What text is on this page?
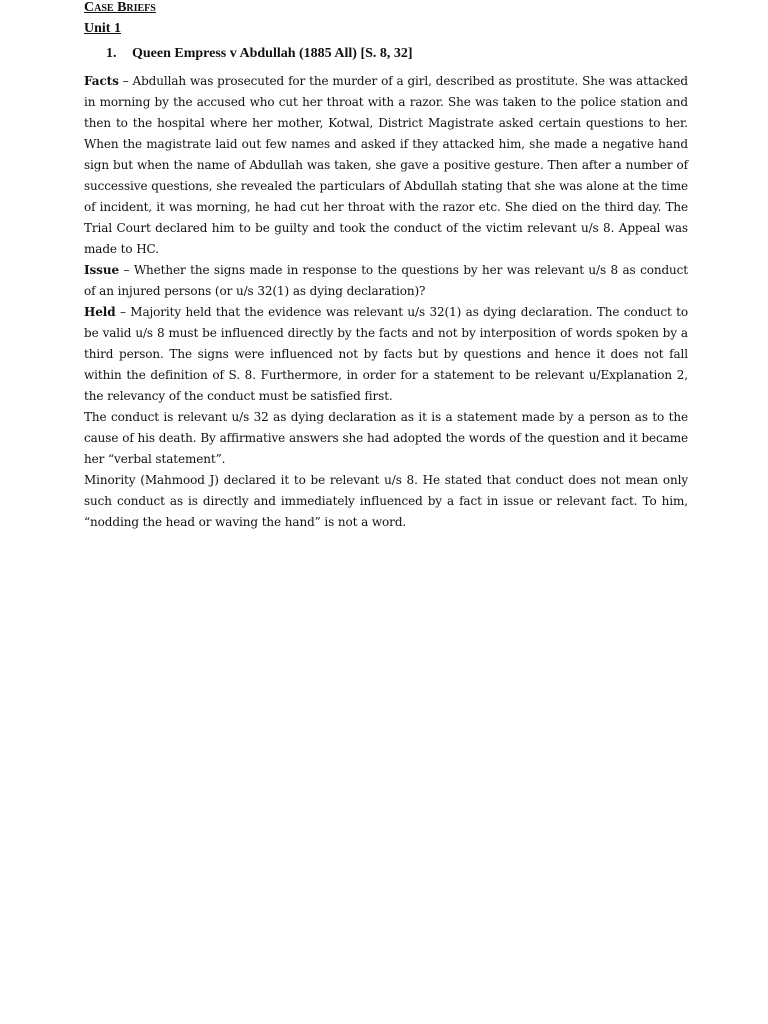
Case Briefs
Unit 1
1.	Queen Empress v Abdullah (1885 All) [S. 8, 32]

Facts – Abdullah was prosecuted for the murder of a girl, described as prostitute. She was attacked in morning by the accused who cut her throat with a razor. She was taken to the police station and then to the hospital where her mother, Kotwal, District Magistrate asked certain questions to her. When the magistrate laid out few names and asked if they attacked him, she made a negative hand sign but when the name of Abdullah was taken, she gave a positive gesture. Then after a number of successive questions, she revealed the particulars of Abdullah stating that she was alone at the time of incident, it was morning, he had cut her throat with the razor etc. She died on the third day. The Trial Court declared him to be guilty and took the conduct of the victim relevant u/s 8. Appeal was made to HC.

Issue – Whether the signs made in response to the questions by her was relevant u/s 8 as conduct of an injured persons (or u/s 32(1) as dying declaration)?

Held – Majority held that the evidence was relevant u/s 32(1) as dying declaration. The conduct to be valid u/s 8 must be influenced directly by the facts and not by interposition of words spoken by a third person. The signs were influenced not by facts but by questions and hence it does not fall within the definition of S. 8. Furthermore, in order for a statement to be relevant u/Explanation 2, the relevancy of the conduct must be satisfied first.

The conduct is relevant u/s 32 as dying declaration as it is a statement made by a person as to the cause of his death. By affirmative answers she had adopted the words of the question and it became her “verbal statement”.

Minority (Mahmood J) declared it to be relevant u/s 8. He stated that conduct does not mean only such conduct as is directly and immediately influenced by a fact in issue or relevant fact. To him, “nodding the head or waving the hand” is not a word.
